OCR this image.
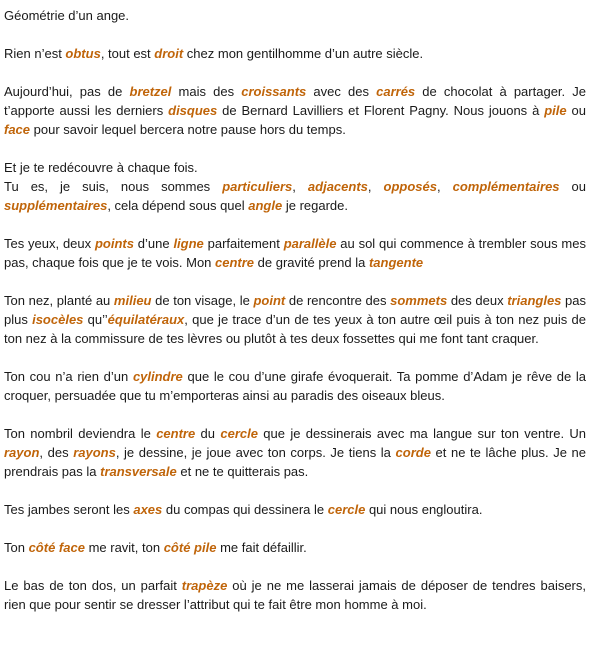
Géométrie d’un ange.

Rien n’est obtus, tout est droit chez mon gentilhomme d’un autre siècle.

Aujourd’hui, pas de bretzel mais des croissants avec des carrés de chocolat à partager. Je t’apporte aussi les derniers disques de Bernard Lavilliers et Florent Pagny. Nous jouons à pile ou face pour savoir lequel bercera notre pause hors du temps.

Et je te redécouvre à chaque fois.
Tu es, je suis, nous sommes particuliers, adjacents, opposés, complémentaires ou supplémentaires, cela dépend sous quel angle je regarde.

Tes yeux, deux points d’une ligne parfaitement parallèle au sol qui commence à trembler sous mes pas, chaque fois que je te vois. Mon centre de gravité prend la tangente

Ton nez, planté au milieu de ton visage, le point de rencontre des sommets des deux triangles pas plus isocèles qu’’équilatéraux, que je trace d’un de tes yeux à ton autre œil puis à ton nez puis de ton nez à la commissure de tes lèvres ou plutôt à tes deux fossettes qui me font tant craquer.

Ton cou n’a rien d’un cylindre que le cou d’une girafe évoquerait. Ta pomme d’Adam je rêve de la croquer, persuadée que tu m’emporteras ainsi au paradis des oiseaux bleus.

Ton nombril deviendra le centre du cercle que je dessinerais avec ma langue sur ton ventre. Un rayon, des rayons, je dessine, je joue avec ton corps. Je tiens la corde et ne te lâche plus. Je ne prendrais pas la transversale et ne te quitterais pas.

Tes jambes seront les axes du compas qui dessinera le cercle qui nous engloutira.

Ton côté face me ravit, ton côté pile me fait défaillir.

Le bas de ton dos, un parfait trapèze où je ne me lasserai jamais de déposer de tendres baisers, rien que pour sentir se dresser l’attribut qui te fait être mon homme à moi.
